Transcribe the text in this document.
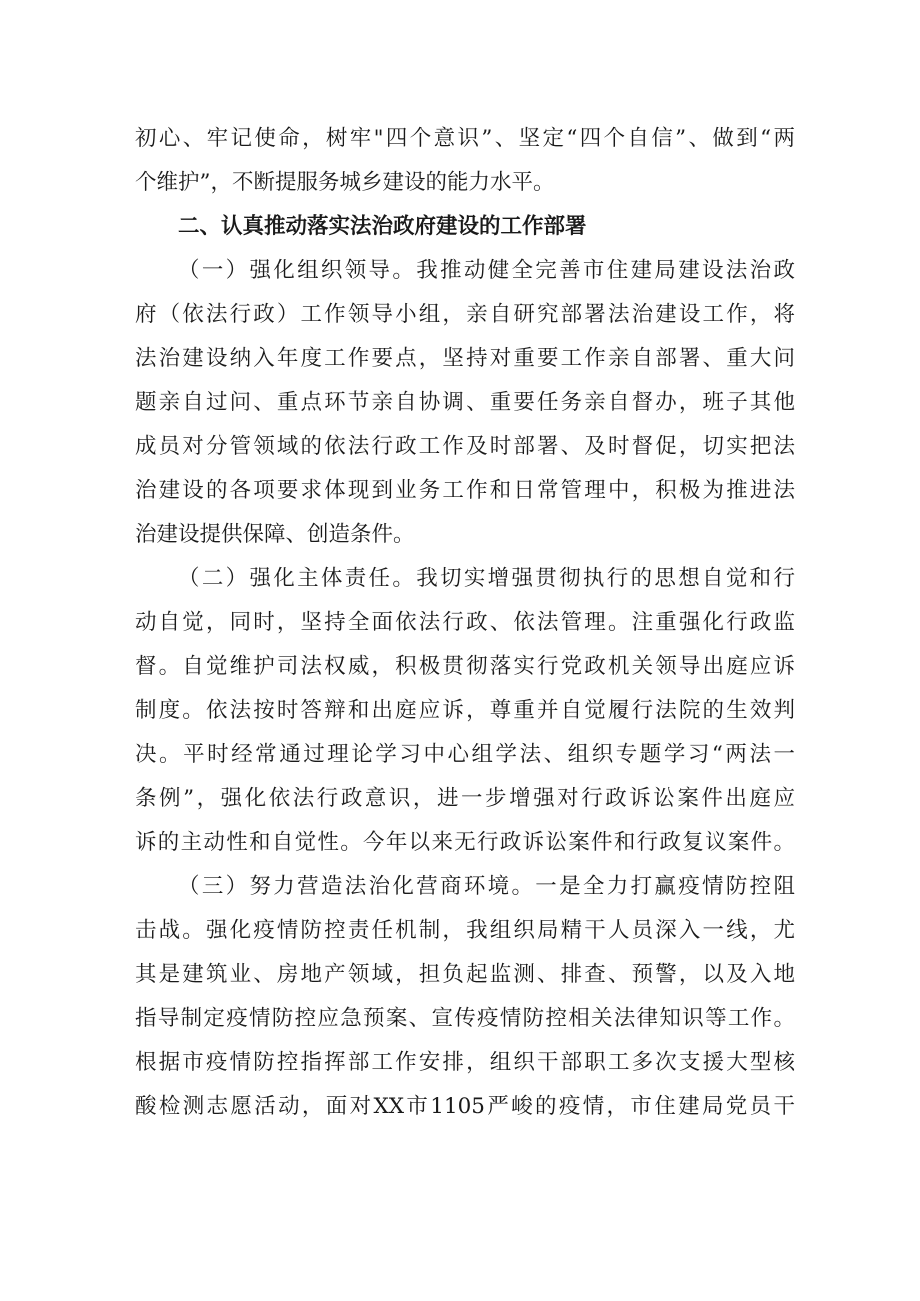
初心、牢记使命，树牢"四个意识”、坚定“四个自信”、做到“两
个维护”，不断提服务城乡建设的能力水平。
二、认真推动落实法治政府建设的工作部署
（一）强化组织领导。我推动健全完善市住建局建设法治政
府（依法行政）工作领导小组，亲自研究部署法治建设工作，将
法治建设纳入年度工作要点，坚持对重要工作亲自部署、重大问
题亲自过问、重点环节亲自协调、重要任务亲自督办，班子其他
成员对分管领域的依法行政工作及时部署、及时督促，切实把法
治建设的各项要求体现到业务工作和日常管理中，积极为推进法
治建设提供保障、创造条件。
（二）强化主体责任。我切实增强贯彻执行的思想自觉和行
动自觉，同时，坚持全面依法行政、依法管理。注重强化行政监
督。自觉维护司法权威，积极贯彻落实行党政机关领导出庭应诉
制度。依法按时答辩和出庭应诉，尊重并自觉履行法院的生效判
决。平时经常通过理论学习中心组学法、组织专题学习“两法一
条例”，强化依法行政意识，进一步增强对行政诉讼案件出庭应
诉的主动性和自觉性。今年以来无行政诉讼案件和行政复议案件。
（三）努力营造法治化营商环境。一是全力打赢疫情防控阻
击战。强化疫情防控责任机制，我组织局精干人员深入一线，尤
其是建筑业、房地产领域，担负起监测、排查、预警，以及入地
指导制定疫情防控应急预案、宣传疫情防控相关法律知识等工作。
根据市疫情防控指挥部工作安排，组织干部职工多次支援大型核
酸检测志愿活动，面对XX市1105严峻的疫情，市住建局党员干
